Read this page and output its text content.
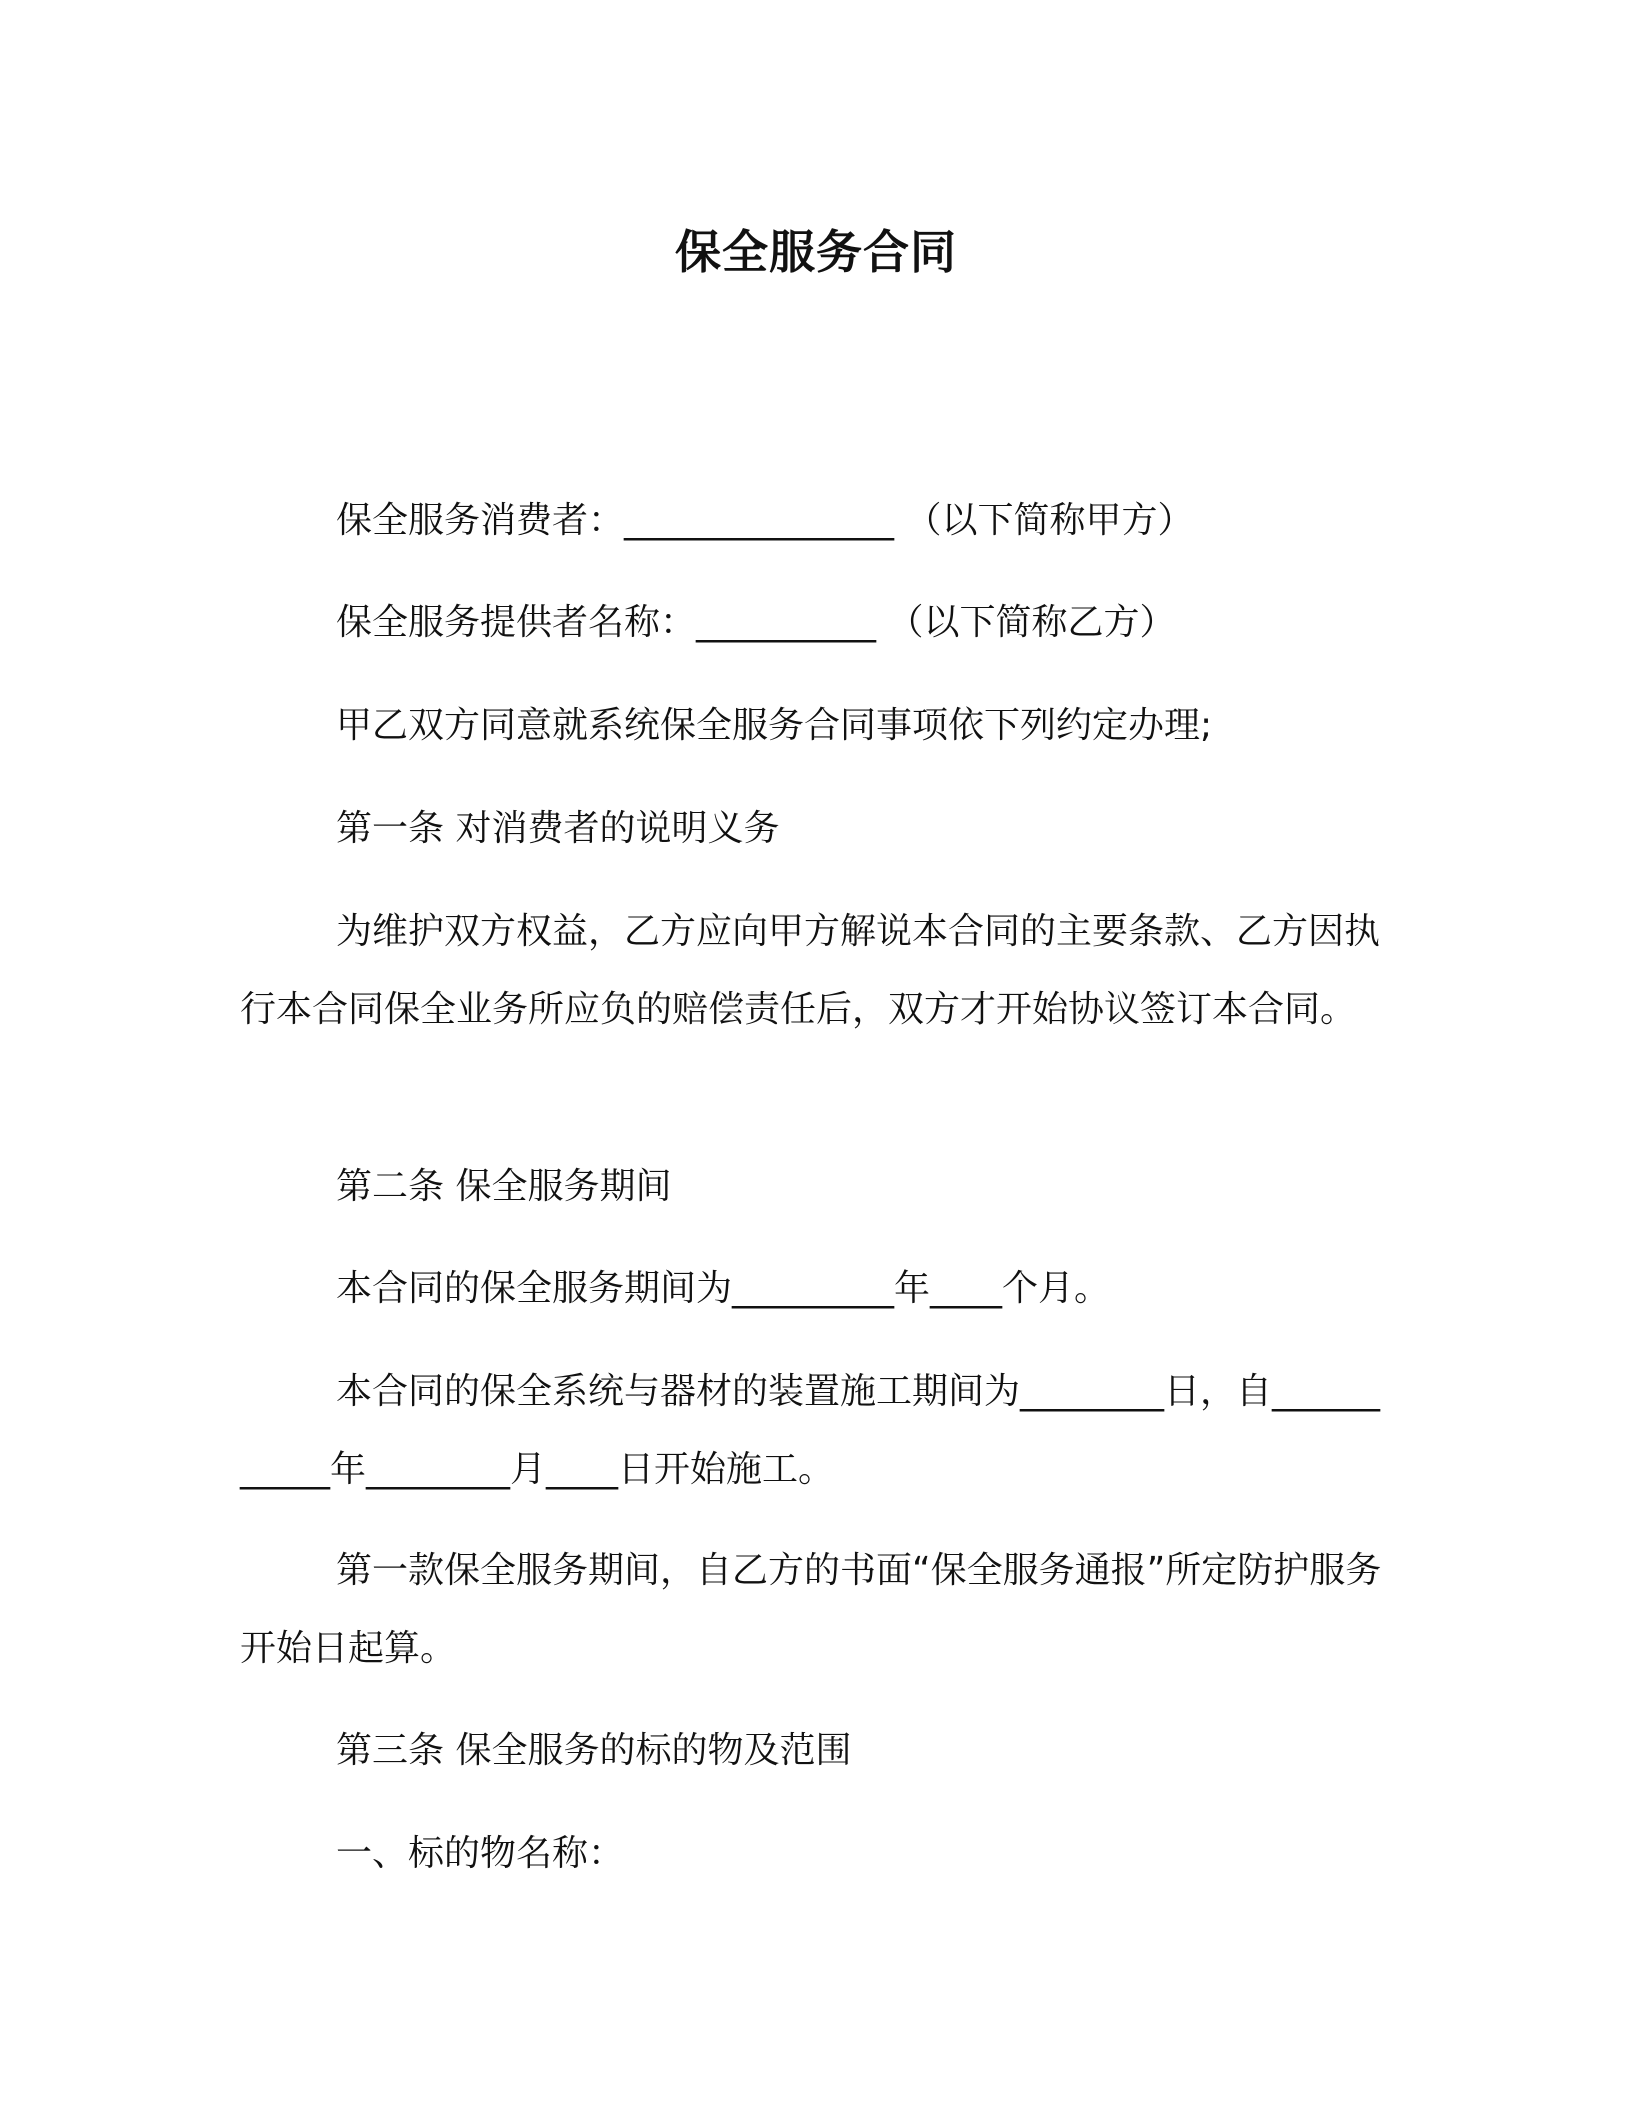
保全服务合同

保全服务消费者：_______________ （以下简称甲方）

保全服务提供者名称：__________ （以下简称乙方）

甲乙双方同意就系统保全服务合同事项依下列约定办理;

第一条 对消费者的说明义务

为维护双方权益，乙方应向甲方解说本合同的主要条款、乙方因执行本合同保全业务所应负的赔偿责任后，双方才开始协议签订本合同。

第二条 保全服务期间

本合同的保全服务期间为_________年____个月。

本合同的保全系统与器材的装置施工期间为________日，自___________年________月____日开始施工。

第一款保全服务期间，自乙方的书面“保全服务通报”所定防护服务开始日起算。

第三条 保全服务的标的物及范围

一、标的物名称：
